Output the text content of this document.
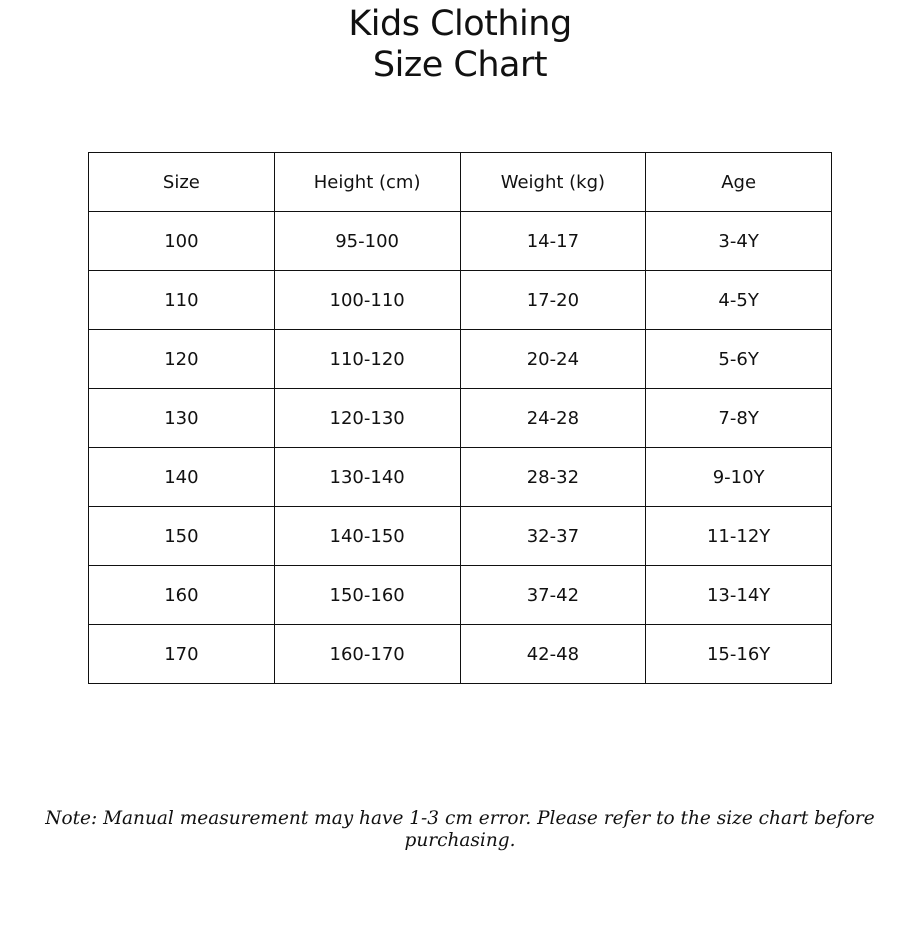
Kids Clothing
Size Chart
Size	Height (cm)	Weight (kg)	Age
100	95-100	14-17	3-4Y
110	100-110	17-20	4-5Y
120	110-120	20-24	5-6Y
130	120-130	24-28	7-8Y
140	130-140	28-32	9-10Y
150	140-150	32-37	11-12Y
160	150-160	37-42	13-14Y
170	160-170	42-48	15-16Y
Note: Manual measurement may have 1-3 cm error. Please refer to the size chart before purchasing.
